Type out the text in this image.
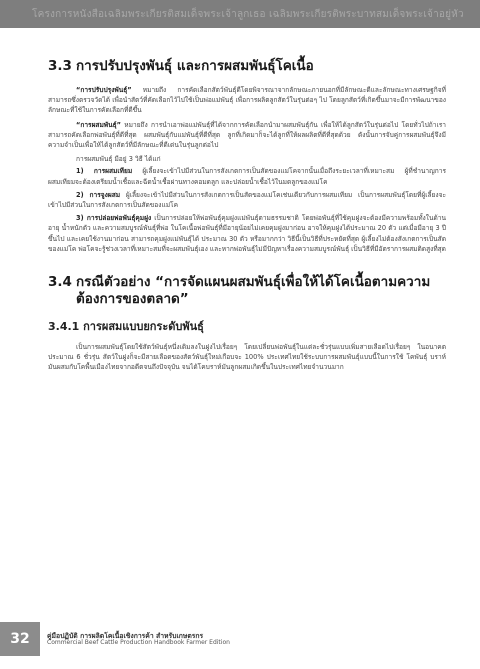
โครงการหนังสือเฉลิมพระเกียรติสมเด็จพระเจ้าลูกเธอ เฉลิมพระเกียรติพระบาทสมเด็จพระเจ้าอยู่หัว
3.3 การปรับปรุงพันธุ์ และการผสมพันธุ์โคเนื้อ

“การปรับปรุงพันธุ์” หมายถึง การคัดเลือกสัตว์พันธุ์ดีโดยพิจารณาจากลักษณะภายนอกที่มีลักษณะดีและลักษณะทางเศรษฐกิจที่สามารถซึ่งตรวจวัดได้ เพื่อนำสัตว์ที่คัดเลือกไว้ไปใช้เป็นพ่อแม่พันธุ์ เพื่อการผลิตลูกสัตว์ในรุ่นต่อๆ ไป โดยลูกสัตว์ที่เกิดขึ้นมาจะมีการพัฒนาของลักษณะที่ใช้ในการคัดเลือกที่ดีขึ้น

“การผสมพันธุ์” หมายถึง การนำเอาพ่อแม่พันธุ์ที่ได้จากการคัดเลือกนำมาผสมพันธุ์กัน เพื่อให้ได้ลูกสัตว์ในรุ่นต่อไป โดยทั่วไปถ้าเราสามารถคัดเลือกพ่อพันธุ์ที่ดีที่สุด ผสมพันธุ์กับแม่พันธุ์ที่ดีที่สุด ลูกที่เกิดมาก็จะได้ลูกที่ให้ผลผลิตที่ดีที่สุดด้วย ดังนั้นการจับคู่การผสมพันธุ์จึงมีความจำเป็นเพื่อให้ได้ลูกสัตว์ที่มีลักษณะที่ดีเด่นในรุ่นลูกต่อไป

การผสมพันธุ์ มีอยู่ 3 วิธี ได้แก่

1) การผสมเทียม ผู้เลี้ยงจะเข้าไปมีส่วนในการสังเกตการเป็นสัดของแม่โคจากนั้นเมื่อถึงระยะเวลาที่เหมาะสม ผู้ที่ชำนาญการผสมเทียมจะต้องเตรียมน้ำเชื้อและฉีดน้ำเชื้อผ่านทางคอมดลูก และปล่อยน้ำเชื้อไว้ในมดลูกของแม่โค

2) การจูงผสม ผู้เลี้ยงจะเข้าไปมีส่วนในการสังเกตการเป็นสัดของแม่โคเช่นเดียวกับการผสมเทียม เป็นการผสมพันธุ์โดยที่ผู้เลี้ยงจะเข้าไปมีส่วนในการสังเกตการเป็นสัดของแม่โค

3) การปล่อยพ่อพันธุ์คุมฝูง เป็นการปล่อยให้พ่อพันธุ์คุมฝูงแม่พันธุ์ตามธรรมชาติ โดยพ่อพันธุ์ที่ใช้คุมฝูงจะต้องมีความพร้อมทั้งในด้านอายุ น้ำหนักตัว และความสมบูรณ์พันธุ์ที่พ่อ ในโคเนื้อพ่อพันธุ์ที่มีอายุน้อยไม่เคยคุมฝูงมาก่อน อาจให้คุมฝูงได้ประมาณ 20 ตัว แต่เมื่อมีอายุ 3 ปีขึ้นไป และเคยใช้งานมาก่อน สามารถคุมฝูงแม่พันธุ์ได้ ประมาณ 30 ตัว หรือมากกว่า วิธีนี้เป็นวิธีที่ประหยัดที่สุด ผู้เลี้ยงไม่ต้องสังเกตการเป็นสัดของแม่โค พ่อโคจะรู้ช่วงเวลาที่เหมาะสมที่จะผสมพันธุ์เอง และหากพ่อพันธุ์ไม่มีปัญหาเรื่องความสมบูรณ์พันธุ์ เป็นวิธีที่มีอัตราการผสมติดสูงที่สุด

3.4 กรณีตัวอย่าง “การจัดแผนผสมพันธุ์เพื่อให้ได้โคเนื้อตามความต้องการของตลาด”
3.4.1 การผสมแบบยกระดับพันธุ์

เป็นการผสมพันธุ์โดยใช้สัตว์พันธุ์หนึ่งเดิมลงในฝูงไปเรื่อยๆ โดยเปลี่ยนพ่อพันธุ์ในแต่ละชั่วรุ่นแบบเพิ่มสายเลือดไปเรื่อยๆ ในอนาคตประมาณ 6 ชั่วรุ่น สัตว์ในฝูงก็จะมีสายเลือดของสัตว์พันธุ์ใหม่เกือบจะ 100% ประเทศไทยใช้ระบบการผสมพันธุ์แบบนี้ในการใช้ โคพันธุ์ บราห์มันผสมกับโคพื้นเมืองไทยจากอดีตจนถึงปัจจุบัน จนได้โคบราห์มันลูกผสมเกิดขึ้นในประเทศไทยจำนวนมาก

32	คู่มือปฏิบัติ การผลิตโคเนื้อเชิงการค้า สำหรับเกษตรกร
Commercial Beef Cattle Production Handbook Farmer Edition
